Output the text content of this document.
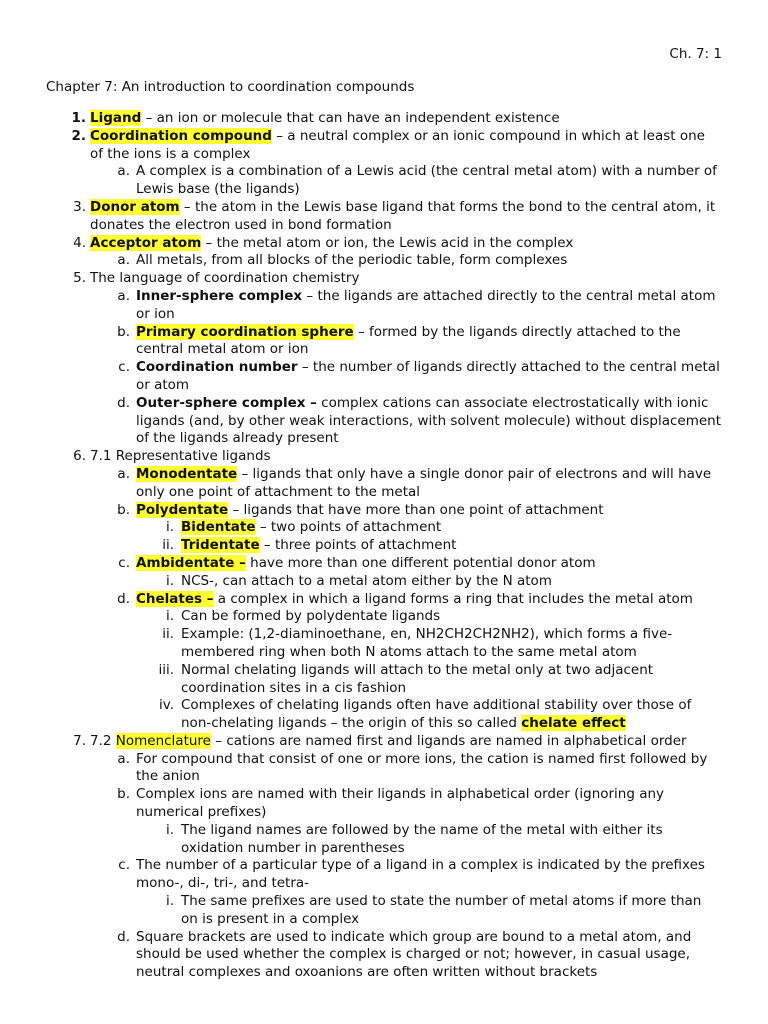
Ch. 7: 1
Chapter 7: An introduction to coordination compounds
1. Ligand – an ion or molecule that can have an independent existence
2. Coordination compound – a neutral complex or an ionic compound in which at least one of the ions is a complex
a. A complex is a combination of a Lewis acid (the central metal atom) with a number of Lewis base (the ligands)
3. Donor atom – the atom in the Lewis base ligand that forms the bond to the central atom, it donates the electron used in bond formation
4. Acceptor atom – the metal atom or ion, the Lewis acid in the complex
a. All metals, from all blocks of the periodic table, form complexes
5. The language of coordination chemistry
a. Inner-sphere complex – the ligands are attached directly to the central metal atom or ion
b. Primary coordination sphere – formed by the ligands directly attached to the central metal atom or ion
c. Coordination number – the number of ligands directly attached to the central metal or atom
d. Outer-sphere complex – complex cations can associate electrostatically with ionic ligands (and, by other weak interactions, with solvent molecule) without displacement of the ligands already present
6. 7.1 Representative ligands
a. Monodentate – ligands that only have a single donor pair of electrons and will have only one point of attachment to the metal
b. Polydentate – ligands that have more than one point of attachment
i. Bidentate – two points of attachment
ii. Tridentate – three points of attachment
c. Ambidentate – have more than one different potential donor atom
i. NCS-, can attach to a metal atom either by the N atom
d. Chelates – a complex in which a ligand forms a ring that includes the metal atom
i. Can be formed by polydentate ligands
ii. Example: (1,2-diaminoethane, en, NH2CH2CH2NH2), which forms a five-membered ring when both N atoms attach to the same metal atom
iii. Normal chelating ligands will attach to the metal only at two adjacent coordination sites in a cis fashion
iv. Complexes of chelating ligands often have additional stability over those of non-chelating ligands – the origin of this so called chelate effect
7. 7.2 Nomenclature – cations are named first and ligands are named in alphabetical order
a. For compound that consist of one or more ions, the cation is named first followed by the anion
b. Complex ions are named with their ligands in alphabetical order (ignoring any numerical prefixes)
i. The ligand names are followed by the name of the metal with either its oxidation number in parentheses
c. The number of a particular type of a ligand in a complex is indicated by the prefixes mono-, di-, tri-, and tetra-
i. The same prefixes are used to state the number of metal atoms if more than on is present in a complex
d. Square brackets are used to indicate which group are bound to a metal atom, and should be used whether the complex is charged or not; however, in casual usage, neutral complexes and oxoanions are often written without brackets
